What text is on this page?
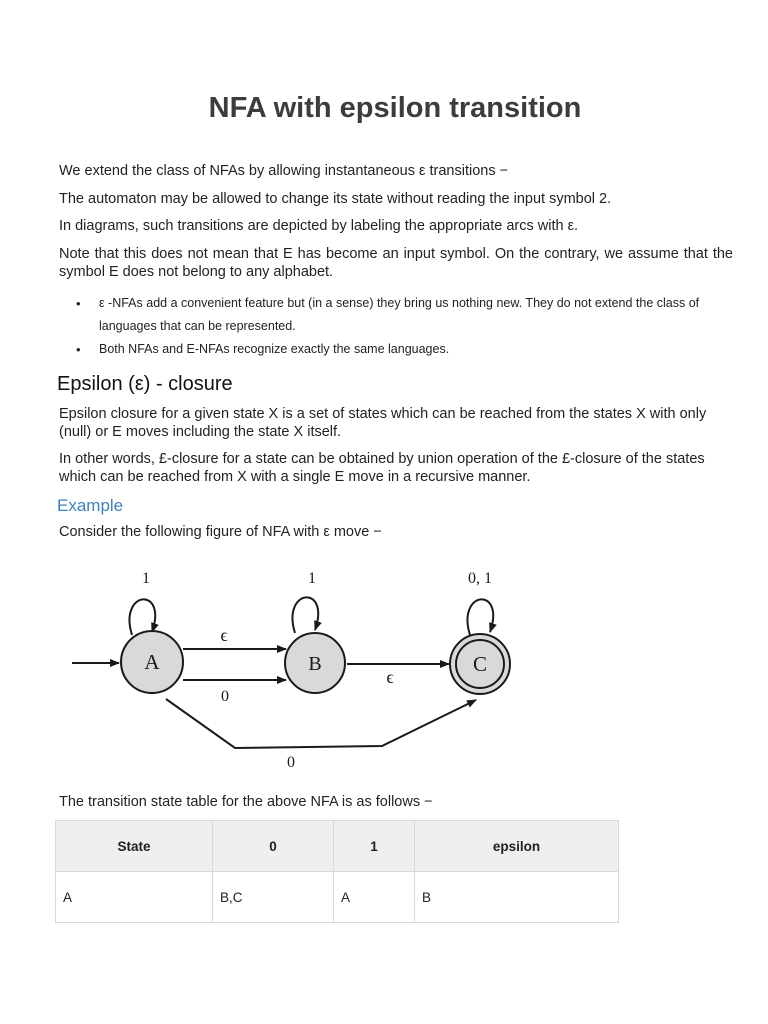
NFA with epsilon transition

We extend the class of NFAs by allowing instantaneous ε transitions −

The automaton may be allowed to change its state without reading the input symbol 2.

In diagrams, such transitions are depicted by labeling the appropriate arcs with ε.

Note that this does not mean that E has become an input symbol. On the contrary, we assume that the symbol E does not belong to any alphabet.

• ε -NFAs add a convenient feature but (in a sense) they bring us nothing new. They do not extend the class of languages that can be represented.
• Both NFAs and E-NFAs recognize exactly the same languages.
Epsilon (ε) - closure

Epsilon closure for a given state X is a set of states which can be reached from the states X with only (null) or E moves including the state X itself.

In other words, £-closure for a state can be obtained by union operation of the £-closure of the states which can be reached from X with a single E move in a recursive manner.

Example

Consider the following figure of NFA with ε move −

A	B	C
1	1	0, 1
ϵ
0
ϵ
0

The transition state table for the above NFA is as follows −

State	0	1	epsilon
A	B,C	A	B
